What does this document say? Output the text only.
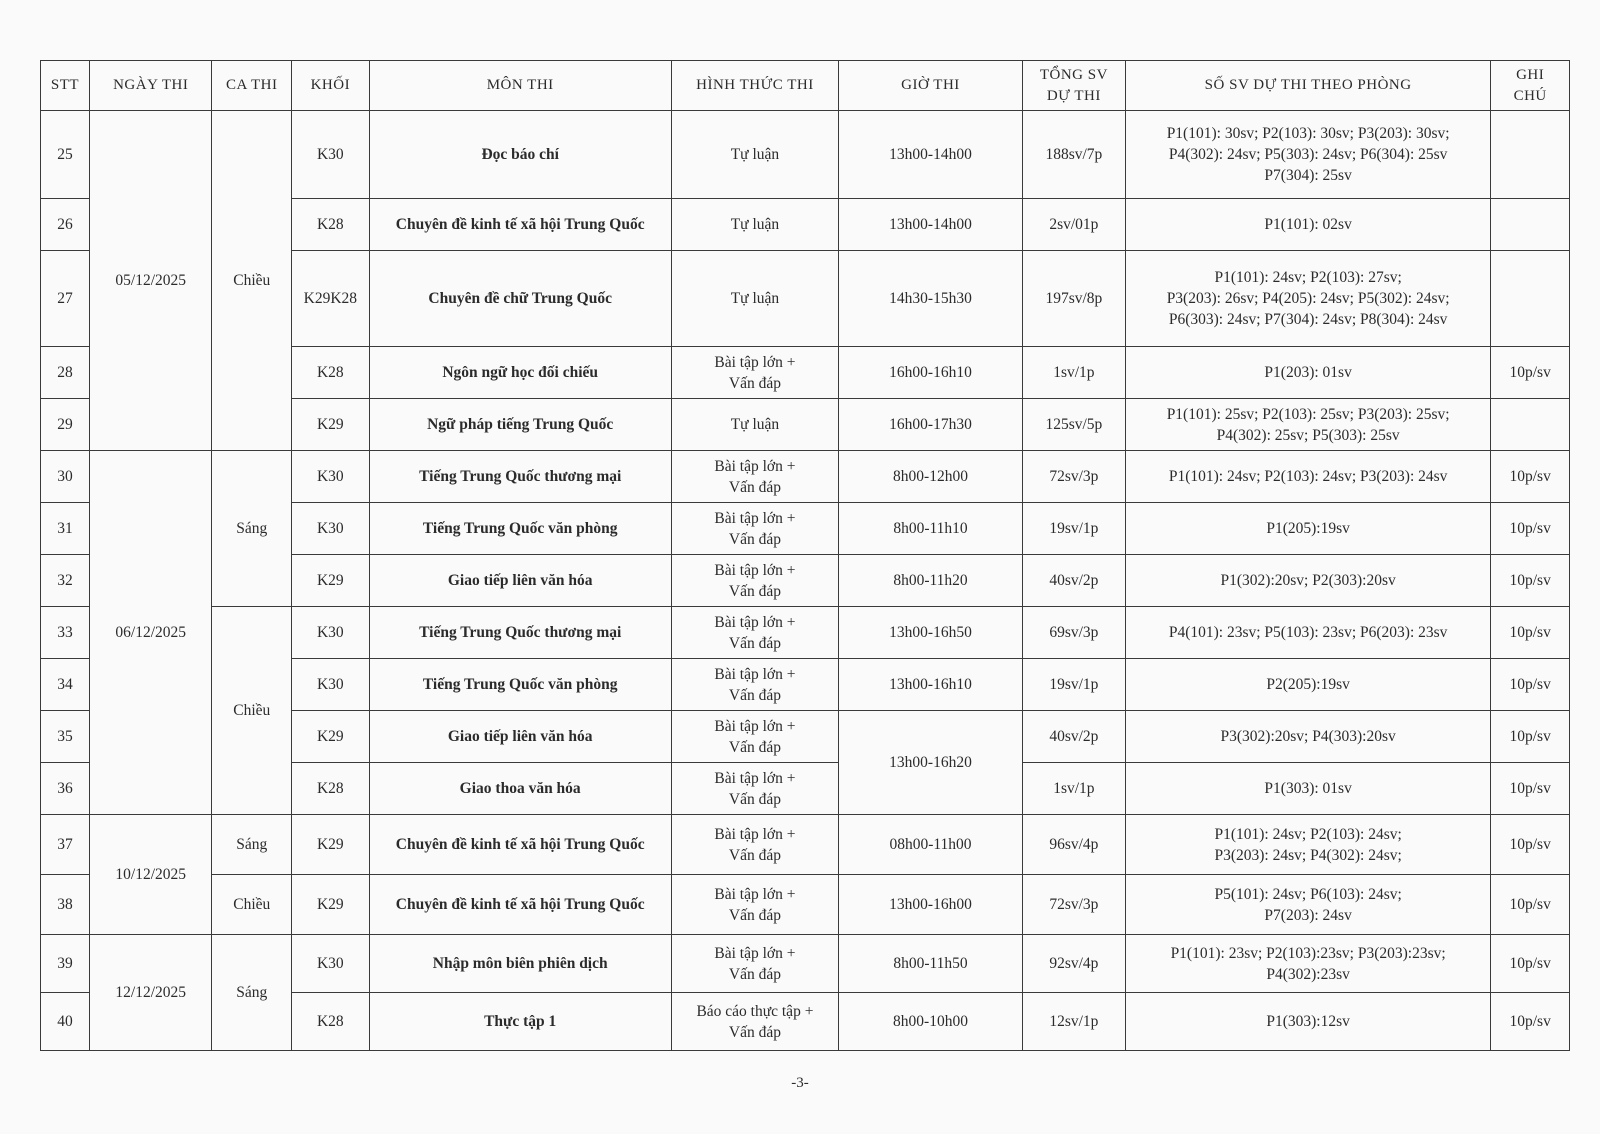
STT	NGÀY THI	CA THI	KHỐI	MÔN THI	HÌNH THỨC THI	GIỜ THI	TỔNG SV
DỰ THI	SỐ SV DỰ THI THEO PHÒNG	GHI
CHÚ
25	05/12/2025	Chiều	K30	Đọc báo chí	Tự luận	13h00-14h00	188sv/7p	P1(101): 30sv; P2(103): 30sv; P3(203): 30sv;
P4(302): 24sv; P5(303): 24sv; P6(304): 25sv
P7(304): 25sv	
26			K28	Chuyên đề kinh tế xã hội Trung Quốc	Tự luận	13h00-14h00	2sv/01p	P1(101): 02sv	
27			K29K28	Chuyên đề chữ Trung Quốc	Tự luận	14h30-15h30	197sv/8p	P1(101): 24sv; P2(103): 27sv;
P3(203): 26sv; P4(205): 24sv; P5(302): 24sv;
P6(303): 24sv; P7(304): 24sv; P8(304): 24sv	
28			K28	Ngôn ngữ học đối chiếu	Bài tập lớn +
Vấn đáp	16h00-16h10	1sv/1p	P1(203): 01sv	10p/sv
29			K29	Ngữ pháp tiếng Trung Quốc	Tự luận	16h00-17h30	125sv/5p	P1(101): 25sv; P2(103): 25sv; P3(203): 25sv;
P4(302): 25sv; P5(303): 25sv	
30	06/12/2025	Sáng	K30	Tiếng Trung Quốc thương mại	Bài tập lớn +
Vấn đáp	8h00-12h00	72sv/3p	P1(101): 24sv; P2(103): 24sv; P3(203): 24sv	10p/sv
31			K30	Tiếng Trung Quốc văn phòng	Bài tập lớn +
Vấn đáp	8h00-11h10	19sv/1p	P1(205):19sv	10p/sv
32			K29	Giao tiếp liên văn hóa	Bài tập lớn +
Vấn đáp	8h00-11h20	40sv/2p	P1(302):20sv; P2(303):20sv	10p/sv
33		Chiều	K30	Tiếng Trung Quốc thương mại	Bài tập lớn +
Vấn đáp	13h00-16h50	69sv/3p	P4(101): 23sv; P5(103): 23sv; P6(203): 23sv	10p/sv
34			K30	Tiếng Trung Quốc văn phòng	Bài tập lớn +
Vấn đáp	13h00-16h10	19sv/1p	P2(205):19sv	10p/sv
35			K29	Giao tiếp liên văn hóa	Bài tập lớn +
Vấn đáp	13h00-16h20	40sv/2p	P3(302):20sv; P4(303):20sv	10p/sv
36			K28	Giao thoa văn hóa	Bài tập lớn +
Vấn đáp		1sv/1p	P1(303): 01sv	10p/sv
37	10/12/2025	Sáng	K29	Chuyên đề kinh tế xã hội Trung Quốc	Bài tập lớn +
Vấn đáp	08h00-11h00	96sv/4p	P1(101): 24sv; P2(103): 24sv;
P3(203): 24sv; P4(302): 24sv;	10p/sv
38		Chiều	K29	Chuyên đề kinh tế xã hội Trung Quốc	Bài tập lớn +
Vấn đáp	13h00-16h00	72sv/3p	P5(101): 24sv; P6(103): 24sv;
P7(203): 24sv	10p/sv
39	12/12/2025	Sáng	K30	Nhập môn biên phiên dịch	Bài tập lớn +
Vấn đáp	8h00-11h50	92sv/4p	P1(101): 23sv; P2(103):23sv; P3(203):23sv;
P4(302):23sv	10p/sv
40			K28	Thực tập 1	Báo cáo thực tập +
Vấn đáp	8h00-10h00	12sv/1p	P1(303):12sv	10p/sv
-3-
